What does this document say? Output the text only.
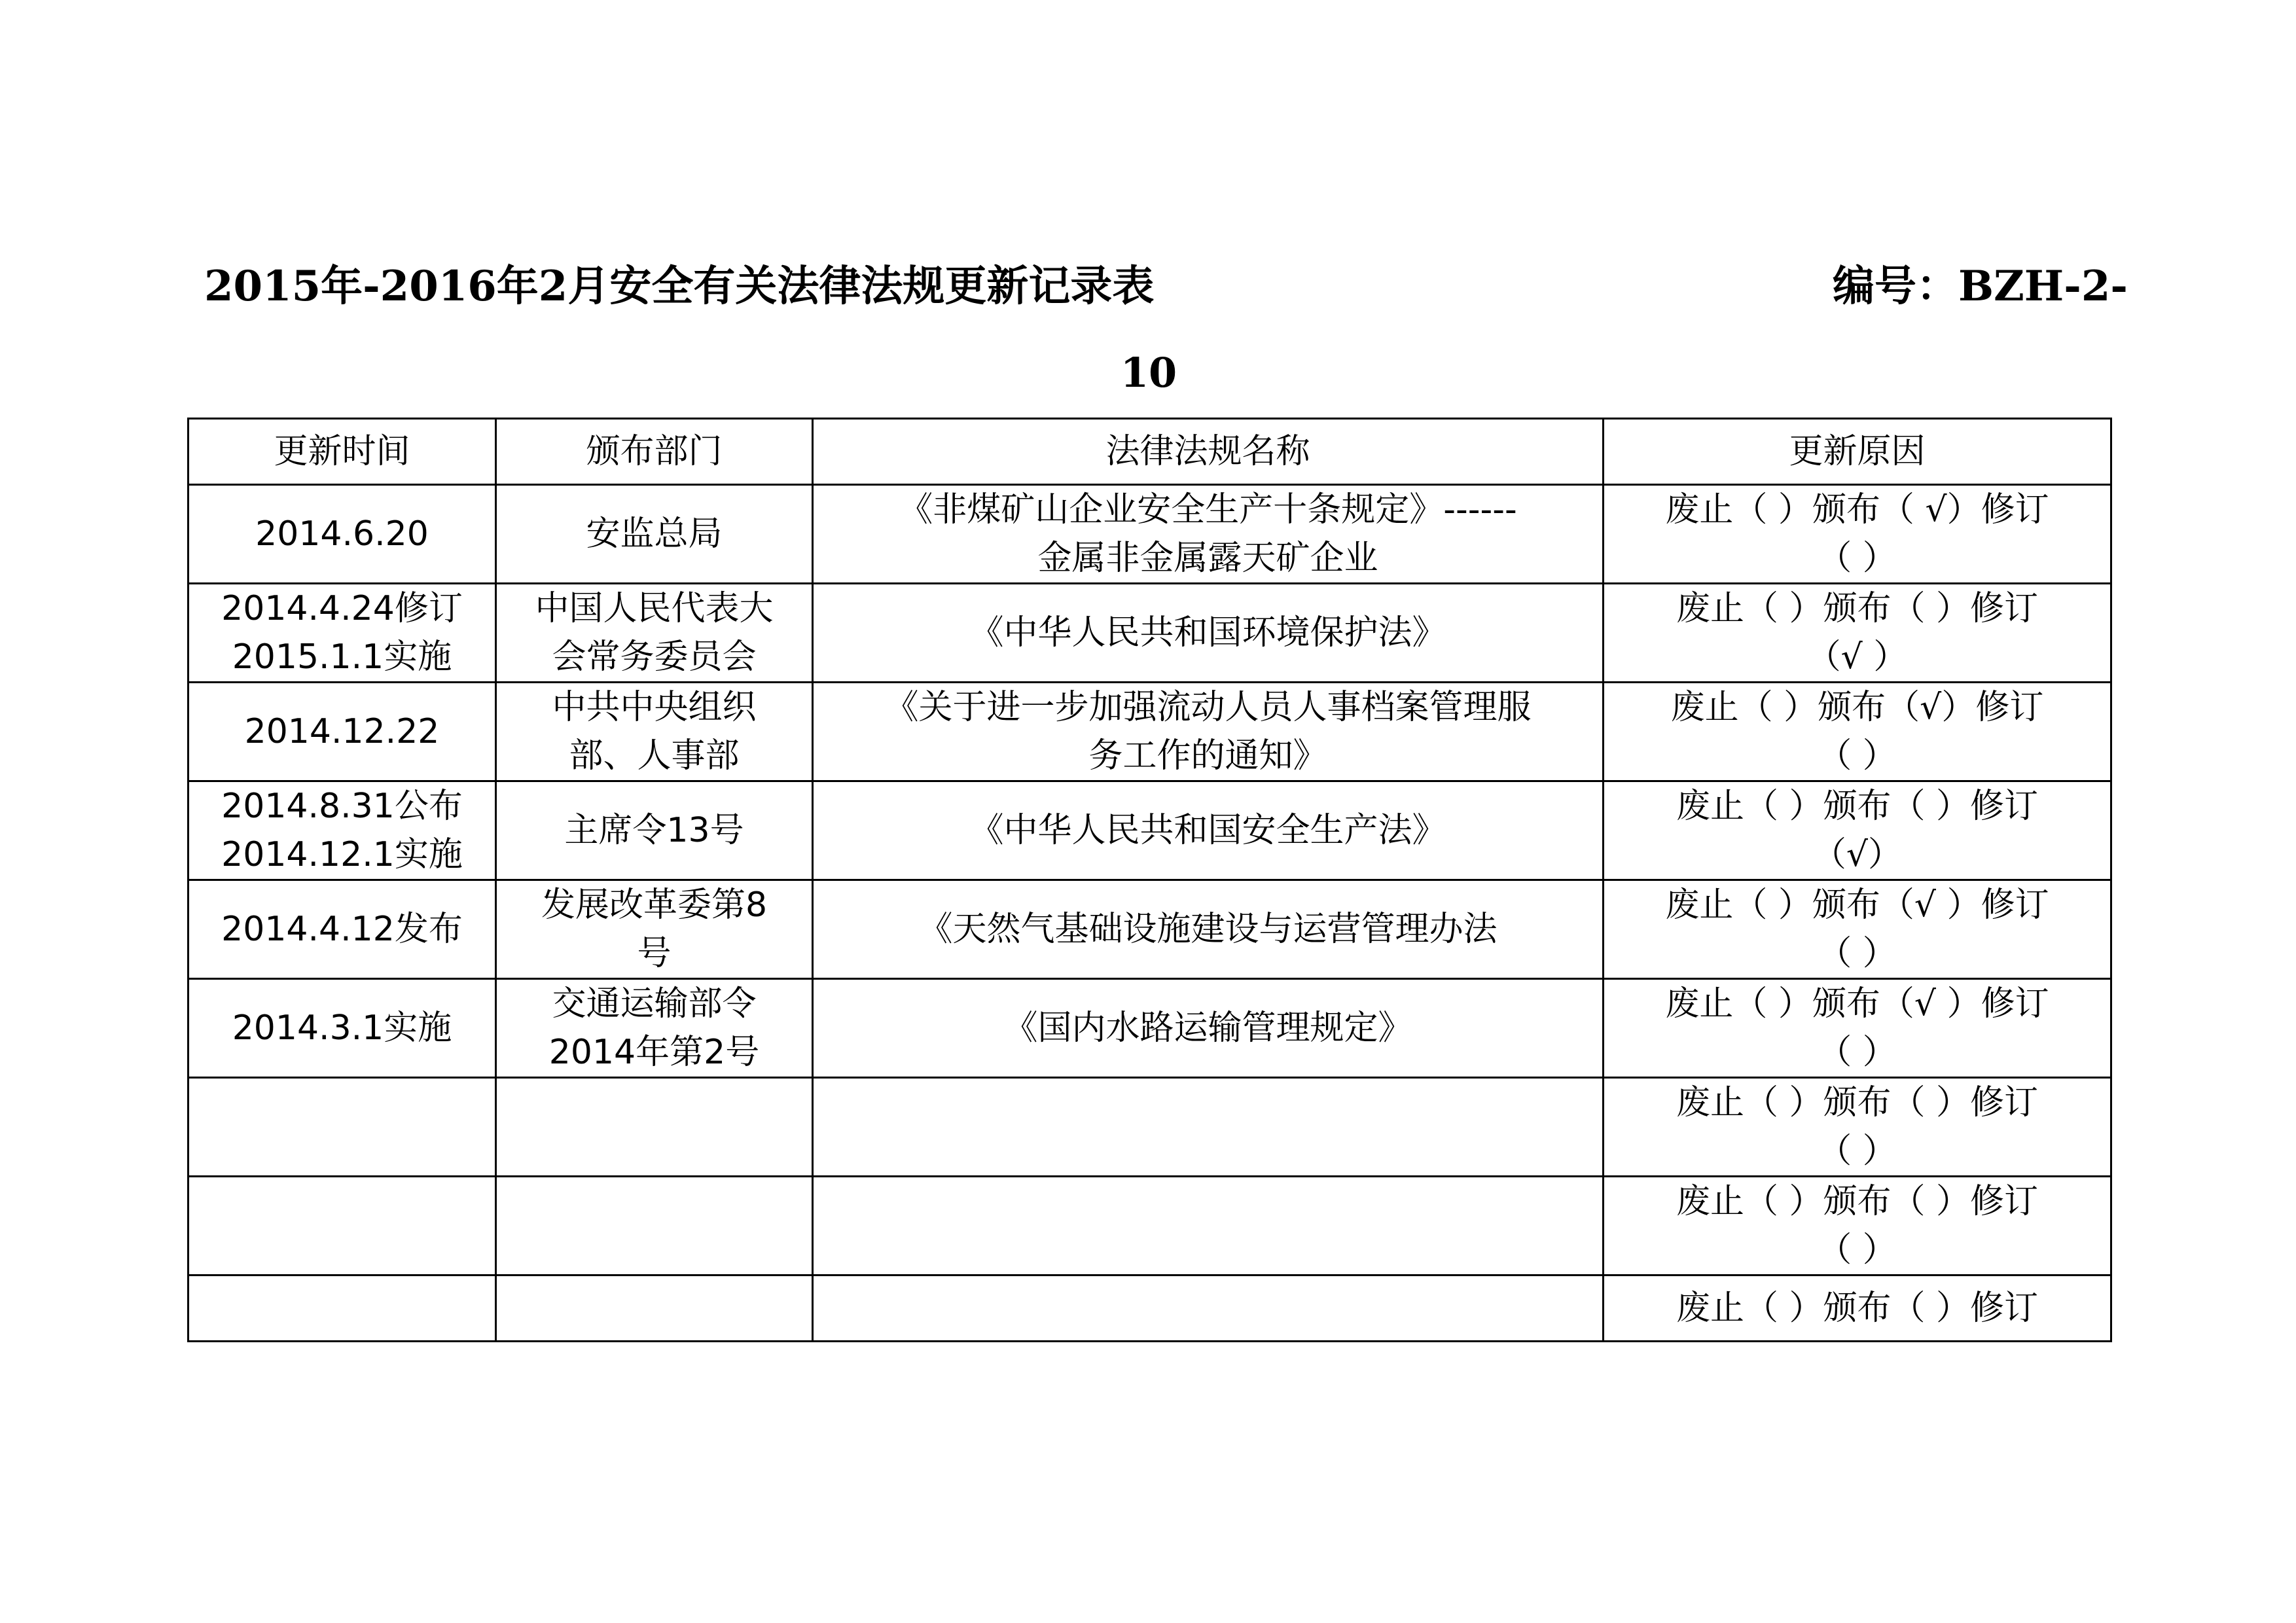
2015年-2016年2月安全有关法律法规更新记录表	编号：BZH-2-
10
更新时间	颁布部门	法律法规名称	更新原因

2014.6.20	安监总局	《非煤矿山企业安全生产十条规定》------
金属非金属露天矿企业	废止（ ）颁布（ √）修订
（ ）

2014.4.24修订
2015.1.1实施	中国人民代表大
会常务委员会	《中华人民共和国环境保护法》	废止（ ）颁布（ ）修订
（√ ）

2014.12.22	中共中央组织
部、人事部	《关于进一步加强流动人员人事档案管理服
务工作的通知》	废止（ ）颁布（√）修订
（ ）

2014.8.31公布
2014.12.1实施	主席令13号	《中华人民共和国安全生产法》	废止（ ）颁布（ ）修订
（√）

2014.4.12发布	发展改革委第8
号	《天然气基础设施建设与运营管理办法	废止（ ）颁布（√ ）修订
（ ）

2014.3.1实施	交通运输部令
2014年第2号	《国内水路运输管理规定》	废止（ ）颁布（√ ）修订
（ ）

			废止（ ）颁布（ ）修订
（ ）

			废止（ ）颁布（ ）修订
（ ）

			废止（ ）颁布（ ）修订
